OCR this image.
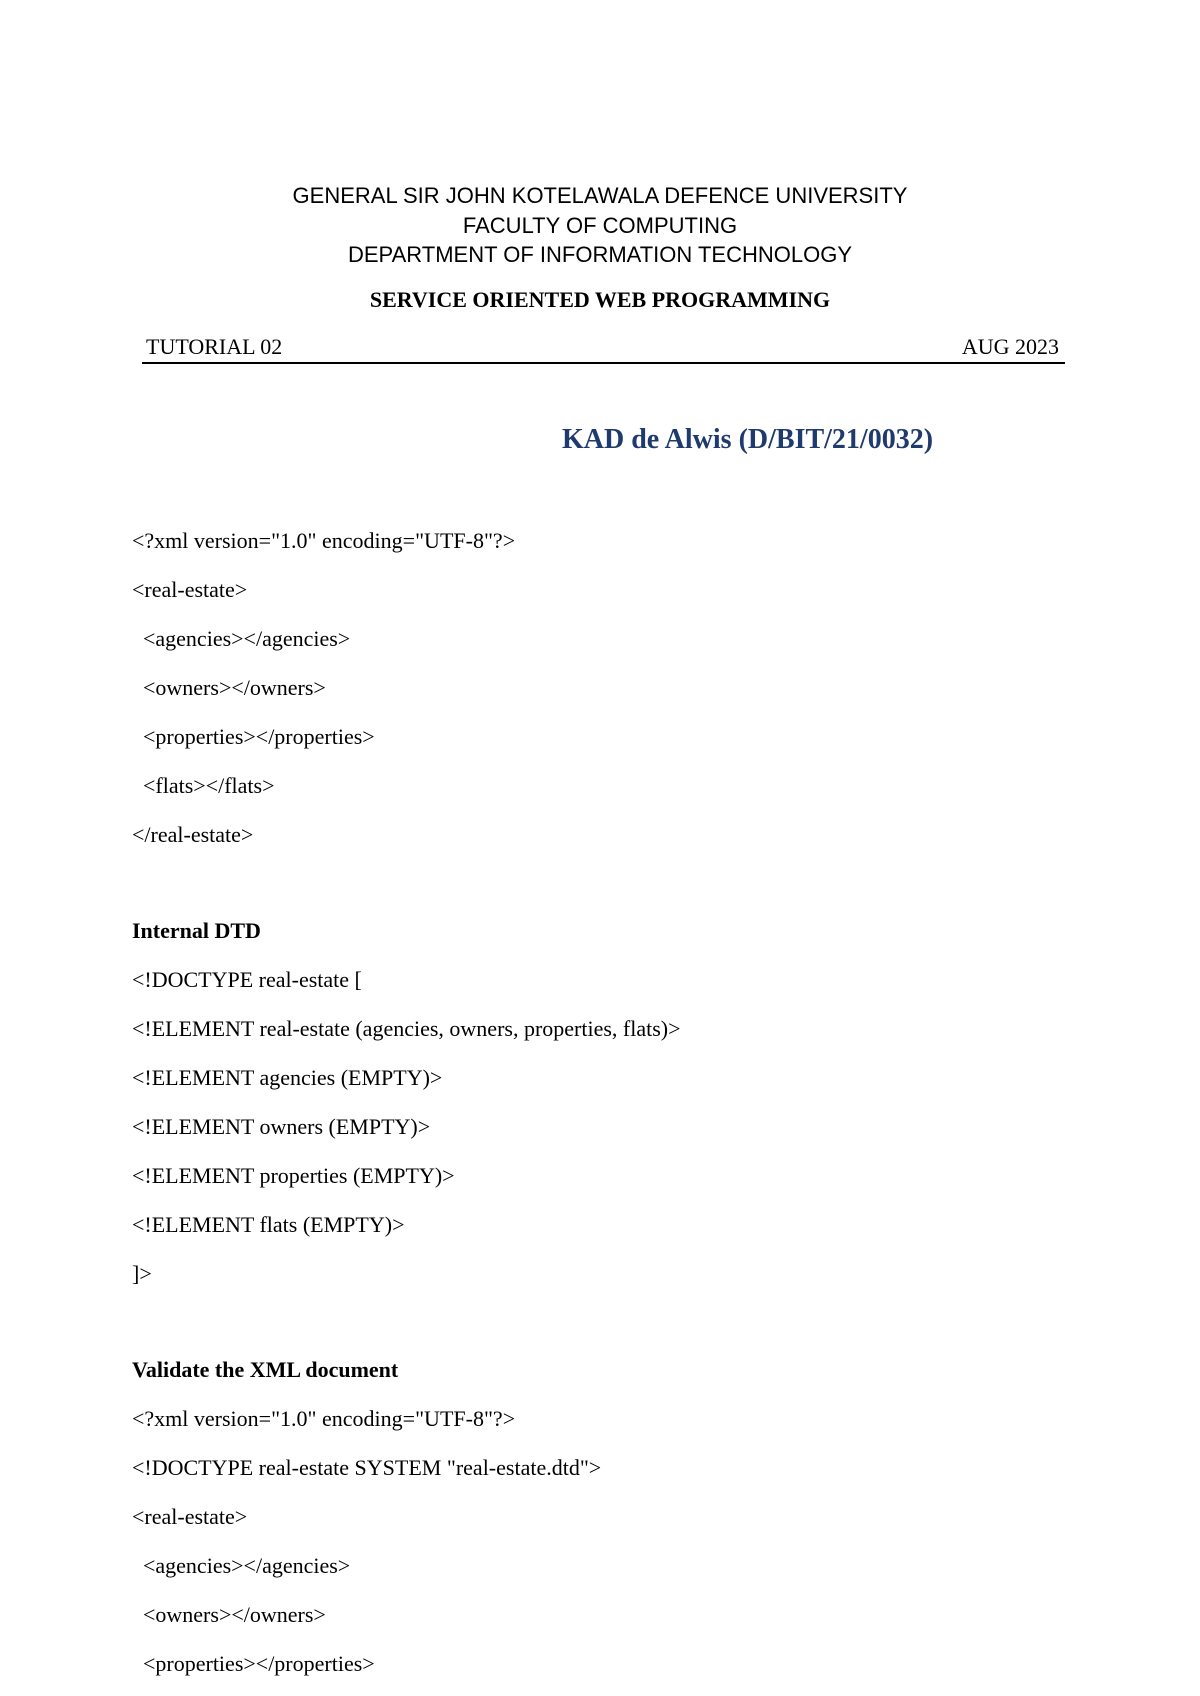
GENERAL SIR JOHN KOTELAWALA DEFENCE UNIVERSITY
FACULTY OF COMPUTING
DEPARTMENT OF INFORMATION TECHNOLOGY
SERVICE ORIENTED WEB PROGRAMMING
TUTORIAL 02	AUG 2023
KAD de Alwis (D/BIT/21/0032)
<?xml version="1.0" encoding="UTF-8"?>
<real-estate>
<agencies></agencies>
<owners></owners>
<properties></properties>
<flats></flats>
</real-estate>
Internal DTD
<!DOCTYPE real-estate [
<!ELEMENT real-estate (agencies, owners, properties, flats)>
<!ELEMENT agencies (EMPTY)>
<!ELEMENT owners (EMPTY)>
<!ELEMENT properties (EMPTY)>
<!ELEMENT flats (EMPTY)>
]>
Validate the XML document
<?xml version="1.0" encoding="UTF-8"?>
<!DOCTYPE real-estate SYSTEM "real-estate.dtd">
<real-estate>
<agencies></agencies>
<owners></owners>
<properties></properties>
